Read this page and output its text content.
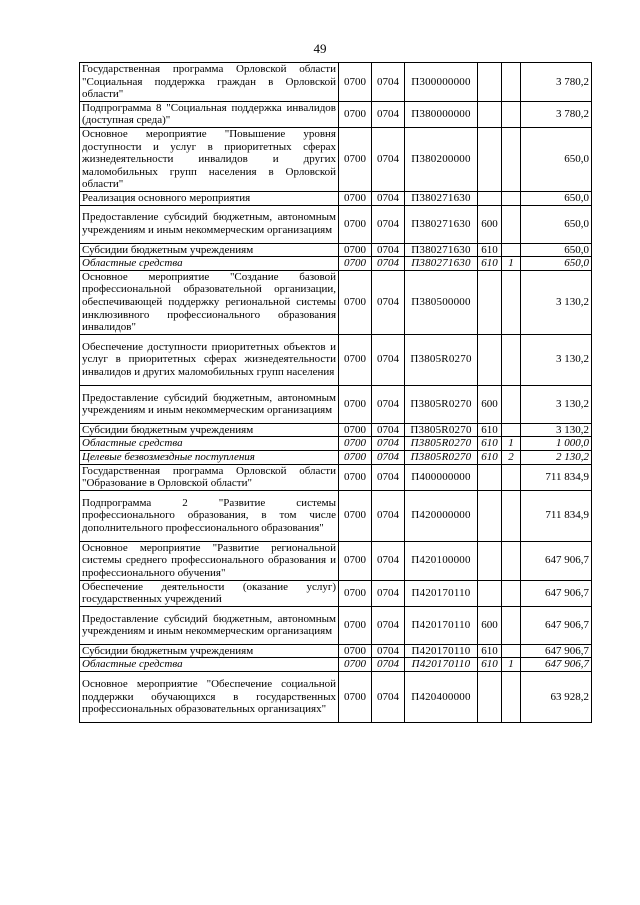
49
Государственная программа Орловской области "Социальная поддержка граждан в Орловской области"	0700	0704	П300000000			3 780,2
Подпрограмма 8 "Социальная поддержка инвалидов (доступная среда)"	0700	0704	П380000000			3 780,2
Основное мероприятие "Повышение уровня доступности и услуг в приоритетных сферах жизнедеятельности инвалидов и других маломобильных групп населения в Орловской области"	0700	0704	П380200000			650,0
Реализация основного мероприятия	0700	0704	П380271630			650,0
Предоставление субсидий бюджетным, автономным учреждениям и иным некоммерческим организациям	0700	0704	П380271630	600		650,0
Субсидии бюджетным учреждениям	0700	0704	П380271630	610		650,0
Областные средства	0700	0704	П380271630	610	1	650,0
Основное мероприятие "Создание базовой профессиональной образовательной организации, обеспечивающей поддержку региональной системы инклюзивного профессионального образования инвалидов"	0700	0704	П380500000			3 130,2
Обеспечение доступности приоритетных объектов и услуг в приоритетных сферах жизнедеятельности инвалидов и других маломобильных групп населения	0700	0704	П3805R0270			3 130,2
Предоставление субсидий бюджетным, автономным учреждениям и иным некоммерческим организациям	0700	0704	П3805R0270	600		3 130,2
Субсидии бюджетным учреждениям	0700	0704	П3805R0270	610		3 130,2
Областные средства	0700	0704	П3805R0270	610	1	1 000,0
Целевые безвозмездные поступления	0700	0704	П3805R0270	610	2	2 130,2
Государственная программа Орловской области "Образование в Орловской области"	0700	0704	П400000000			711 834,9
Подпрограмма 2 "Развитие системы профессионального образования, в том числе дополнительного профессионального образования"	0700	0704	П420000000			711 834,9
Основное мероприятие "Развитие региональной системы среднего профессионального образования и профессионального обучения"	0700	0704	П420100000			647 906,7
Обеспечение деятельности (оказание услуг) государственных учреждений	0700	0704	П420170110			647 906,7
Предоставление субсидий бюджетным, автономным учреждениям и иным некоммерческим организациям	0700	0704	П420170110	600		647 906,7
Субсидии бюджетным учреждениям	0700	0704	П420170110	610		647 906,7
Областные средства	0700	0704	П420170110	610	1	647 906,7
Основное мероприятие "Обеспечение социальной поддержки обучающихся в государственных профессиональных образовательных организациях"	0700	0704	П420400000			63 928,2
